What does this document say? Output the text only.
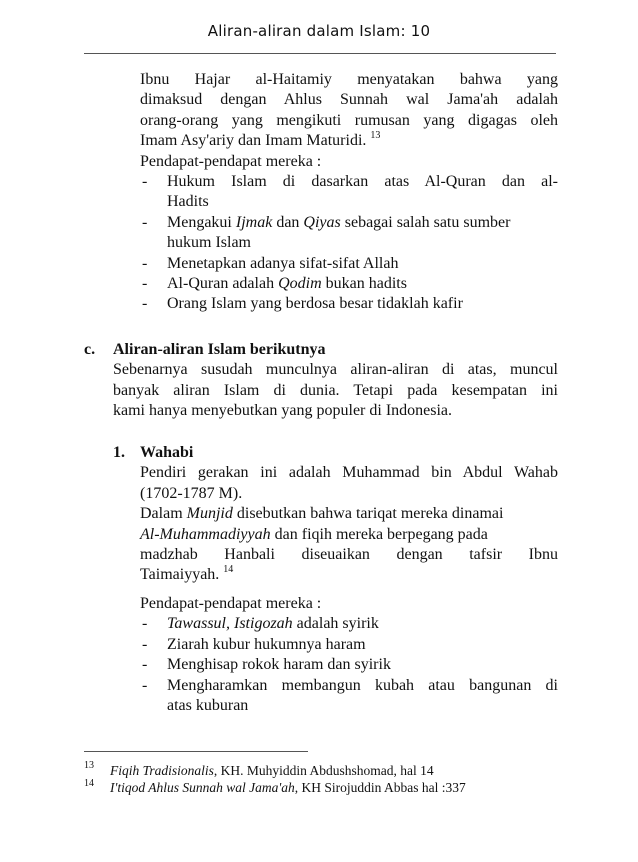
Aliran-aliran dalam Islam: 10
Ibnu Hajar al-Haitamiy menyatakan bahwa yang
dimaksud dengan Ahlus Sunnah wal Jama'ah adalah
orang-orang yang mengikuti rumusan yang digagas oleh
Imam Asy'ariy dan Imam Maturidi. $^{13}$
Pendapat-pendapat mereka :
- Hukum Islam di dasarkan atas Al-Quran dan al-
Hadits
- Mengakui Ijmak dan Qiyas sebagai salah satu sumber
hukum Islam
- Menetapkan adanya sifat-sifat Allah
- Al-Quran adalah Qodim bukan hadits
- Orang Islam yang berdosa besar tidaklah kafir
c. Aliran-aliran Islam berikutnya
Sebenarnya susudah munculnya aliran-aliran di atas, muncul
banyak aliran Islam di dunia. Tetapi pada kesempatan ini
kami hanya menyebutkan yang populer di Indonesia.
1. Wahabi
Pendiri gerakan ini adalah Muhammad bin Abdul Wahab
(1702-1787 M).
Dalam Munjid disebutkan bahwa tariqat mereka dinamai
Al-Muhammadiyyah dan fiqih mereka berpegang pada
madzhab Hanbali diseuaikan dengan tafsir Ibnu
Taimaiyyah. $^{14}$
Pendapat-pendapat mereka :
- Tawassul, Istigozah adalah syirik
- Ziarah kubur hukumnya haram
- Menghisap rokok haram dan syirik
- Mengharamkan membangun kubah atau bangunan di
atas kuburan
13 Fiqih Tradisionalis, KH. Muhyiddin Abdushshomad, hal 14
14 I'tiqod Ahlus Sunnah wal Jama'ah, KH Sirojuddin Abbas hal :337
